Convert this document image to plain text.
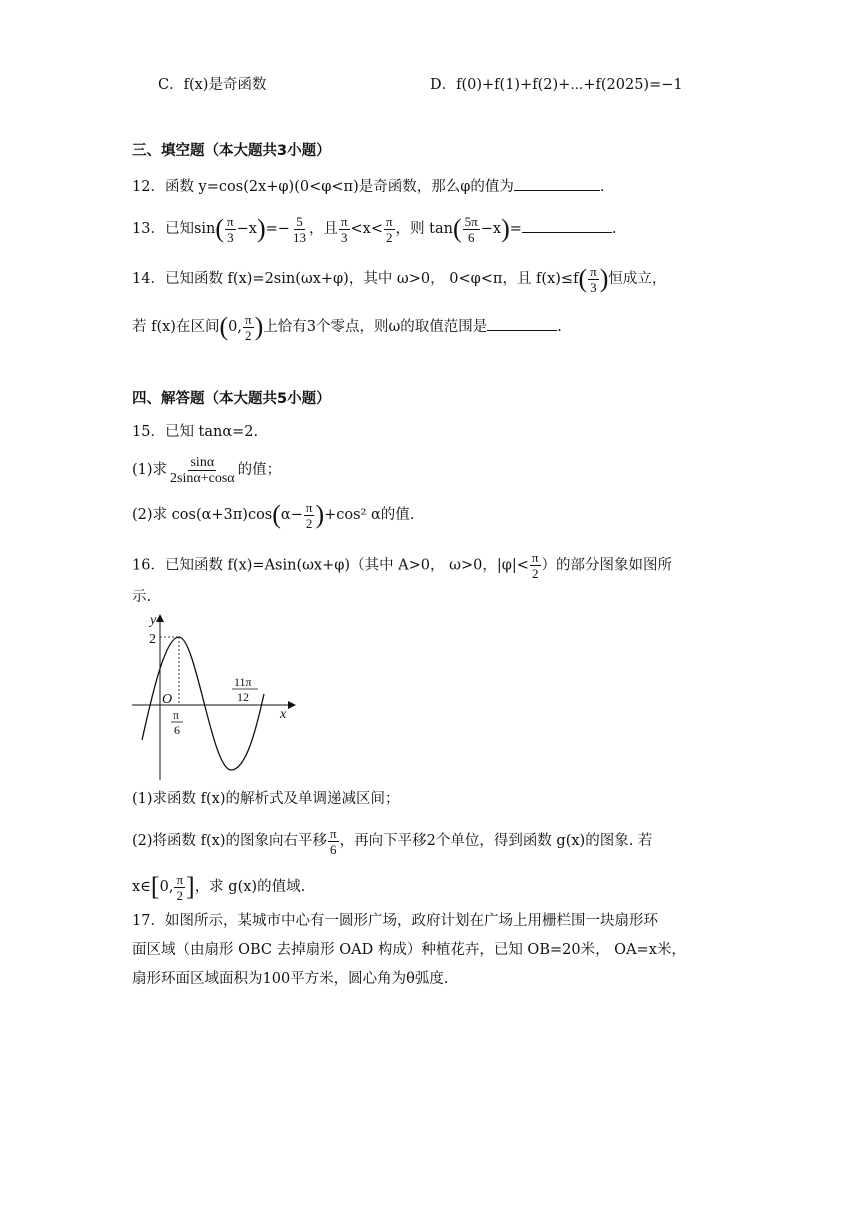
C．f(x)是奇函数	D．f(0)+f(1)+f(2)+⋯+f(2025)=−1
三、填空题（本大题共3小题）
12．函数 y=cos(2x+φ)(0<φ<π)是奇函数，那么φ的值为	.
13．已知$\sin( \frac{\pi}{3} -x)=- \frac{5}{13}$ ，且 $\frac{\pi}{3} <x< \frac{\pi}{2}$ ，则 $\tan( \frac{5\pi}{6} -x)=$	.
14．已知函数 f(x)=2sin(ωx+φ)，其中 ω>0， 0<φ<π，且 $f(x)\le f( \frac{\pi}{3}$ )恒成立，
若 f(x)在区间(0, $\frac{\pi}{2}$ )上恰有3个零点，则ω的取值范围是	.
四、解答题（本大题共5小题）
15．已知 tanα=2.
(1)求 $\frac{\sin\alpha}{2\sin\alpha+\cos\alpha}$ 的值；
(2)求 $\cos(\alpha+3\pi)\cos(\alpha- \frac{\pi}{2} )+\cos^2$ α的值.
16．已知函数 f(x)=Asin(ωx+φ)（其中 A>0， ω>0，$|\varphi|< \frac{\pi}{2}$ ）的部分图象如图所
示.
y
x
O
2
π
6
11π
12
(1)求函数 f(x)的解析式及单调递减区间；
(2)将函数 f(x)的图象向右平移 $\frac{\pi}{6}$ ，再向下平移2个单位，得到函数 g(x)的图象. 若
x∈[0, $\frac{\pi}{2}$ ]，求 g(x)的值域.
17．如图所示，某城市中心有一圆形广场，政府计划在广场上用栅栏围一块扇形环
面区域（由扇形 OBC 去掉扇形 OAD 构成）种植花卉，已知 OB=20米， OA=x米，
扇形环面区域面积为100平方米，圆心角为θ弧度.
